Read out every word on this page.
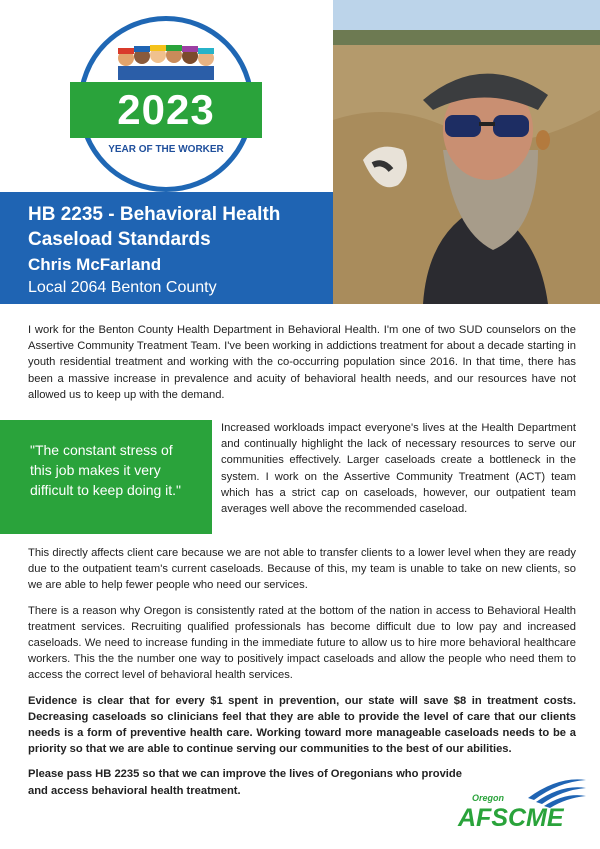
2023
YEAR OF THE WORKER
HB 2235 - Behavioral Health Caseload Standards
Chris McFarland
Local 2064 Benton County

I work for the Benton County Health Department in Behavioral Health. I'm one of two SUD counselors on the Assertive Community Treatment Team. I've been working in addictions treatment for about a decade starting in youth residential treatment and working with the co-occurring population since 2016. In that time, there has been a massive increase in prevalence and acuity of behavioral health needs, and our resources have not allowed us to keep up with the demand.

"The constant stress of this job makes it very difficult to keep doing it."
Increased workloads impact everyone's lives at the Health Department and continually highlight the lack of necessary resources to serve our communities effectively. Larger caseloads create a bottleneck in the system. I work on the Assertive Community Treatment (ACT) team which has a strict cap on caseloads, however, our outpatient team averages well above the recommended caseload.

This directly affects client care because we are not able to transfer clients to a lower level when they are ready due to the outpatient team's current caseloads. Because of this, my team is unable to take on new clients, so we are able to help fewer people who need our services.

There is a reason why Oregon is consistently rated at the bottom of the nation in access to Behavioral Health treatment services. Recruiting qualified professionals has become difficult due to low pay and increased caseloads. We need to increase funding in the immediate future to allow us to hire more behavioral healthcare workers. This the the number one way to positively impact caseloads and allow the people who need them to access the correct level of behavioral health services.

Evidence is clear that for every $1 spent in prevention, our state will save $8 in treatment costs. Decreasing caseloads so clinicians feel that they are able to provide the level of care that our clients needs is a form of preventive health care. Working toward more manageable caseloads needs to be a priority so that we are able to continue serving our communities to the best of our abilities.

Please pass HB 2235 so that we can improve the lives of Oregonians who provide and access behavioral health treatment.

Oregon
AFSCME
